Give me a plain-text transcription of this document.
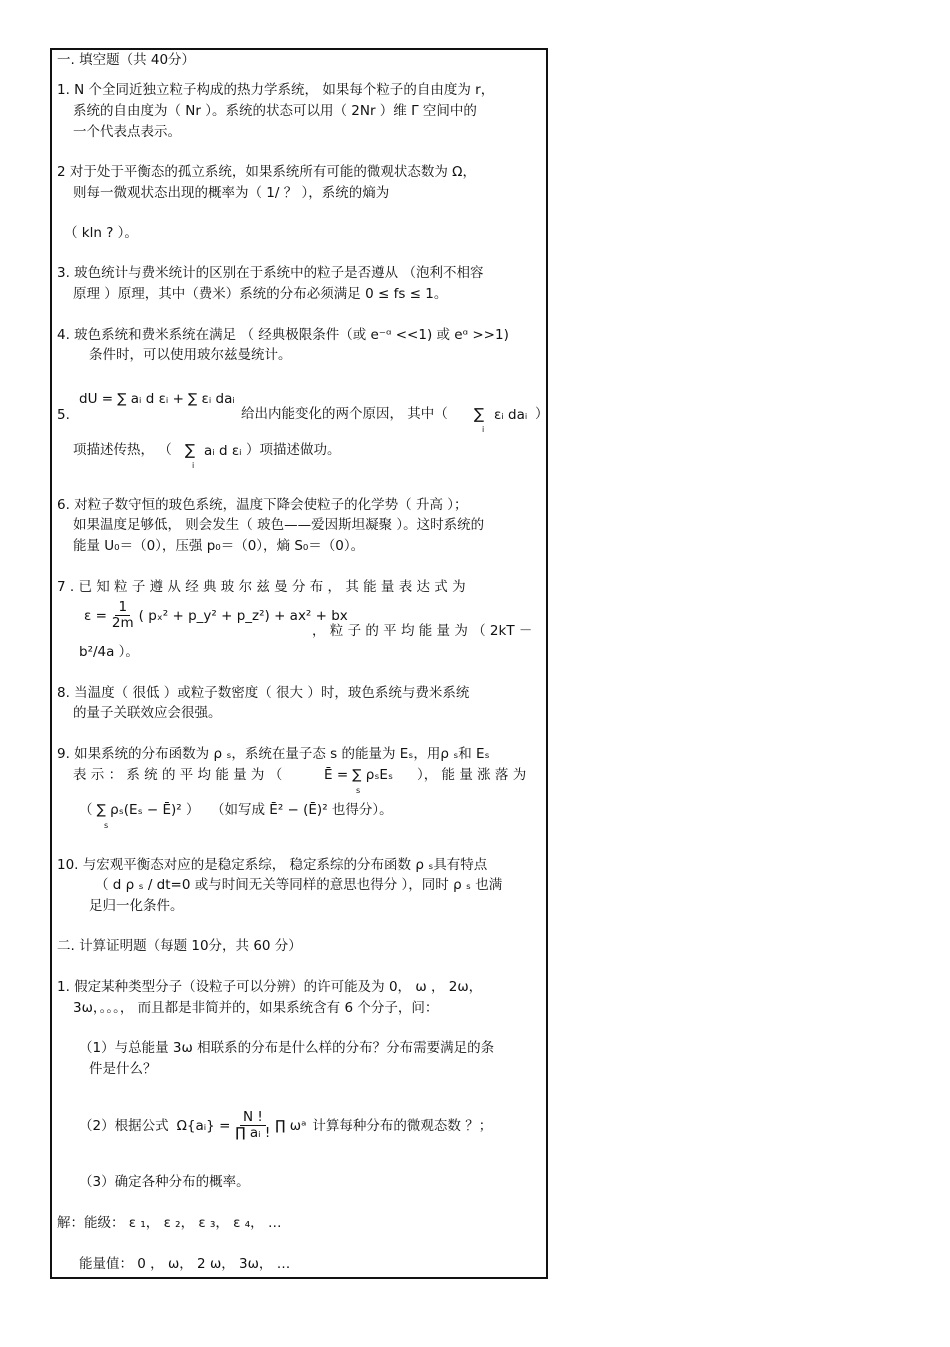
一. 填空题（共 40分）
1. N 个全同近独立粒子构成的热力学系统， 如果每个粒子的自由度为 r，
系统的自由度为（ Nr ）。系统的状态可以用（ 2Nr ）维 Γ 空间中的
一个代表点表示。
2 对于处于平衡态的孤立系统，如果系统所有可能的微观状态数为 Ω，
则每一微观状态出现的概率为（ 1/ ？ ），系统的熵为
（ kln ? ）。
3. 玻色统计与费米统计的区别在于系统中的粒子是否遵从 （泡利不相容
原理 ）原理，其中（费米）系统的分布必须满足 0 ≤ fs ≤ 1。
4. 玻色系统和费米系统在满足 （ 经典极限条件（或 e⁻ᵅ <<1) 或 eᵅ >>1)
条件时，可以使用玻尔兹曼统计。
dU = ∑ aᵢ d εᵢ + ∑ εᵢ daᵢ
5.	给出内能变化的两个原因， 其中（ ∑
i
εᵢ daᵢ ）
项描述传热， （ ∑
i
aᵢ d εᵢ ）项描述做功。
6. 对粒子数守恒的玻色系统，温度下降会使粒子的化学势（ 升高 ）；
如果温度足够低， 则会发生（ 玻色——爱因斯坦凝聚 ）。这时系统的
能量 U₀＝（0），压强 p₀＝（0），熵 S₀＝（0）。
7 . 已 知 粒 子 遵 从 经 典 玻 尔 兹 曼 分 布 ， 其 能 量 表 达 式 为
$\varepsilon = \frac{1}{2m}$ ( pₓ² + p_y² + p_z²) + ax² + bx
， 粒 子 的 平 均 能 量 为 （ 2kT －
b²/4a ）。
8. 当温度（ 很低 ）或粒子数密度（ 很大 ）时，玻色系统与费米系统
的量子关联效应会很强。
9. 如果系统的分布函数为 ρ ₛ，系统在量子态 s 的能量为 Eₛ，用ρ ₛ和 Eₛ
表 示 ： 系 统 的 平 均 能 量 为 （	Ē = ∑ ρₛEₛ
s
）， 能 量 涨 落 为
（ ∑ ρₛ(Eₛ − Ē)² ）
s
（如写成 Ē² − (Ē)² 也得分）。
10. 与宏观平衡态对应的是稳定系综， 稳定系综的分布函数 ρ ₛ具有特点
（ d ρ ₛ / dt=0 或与时间无关等同样的意思也得分 ），同时 ρ ₛ 也满
足归一化条件。
二. 计算证明题（每题 10分，共 60 分）
1. 假定某种类型分子（设粒子可以分辨）的许可能及为 0， ω ， 2ω，
3ω，。。。， 而且都是非简并的，如果系统含有 6 个分子，问：
（1）与总能量 3ω 相联系的分布是什么样的分布？分布需要满足的条
件是什么？
（2）根据公式 Ω{aᵢ} = $\frac{N !}{\text{∏ aᵢ !}}$ ∏ ωᵃ 计算每种分布的微观态数 ？；
（3）确定各种分布的概率。
解：能级： ε ₁， ε ₂， ε ₃， ε ₄， …
能量值： 0 ， ω， 2 ω， 3ω， …
